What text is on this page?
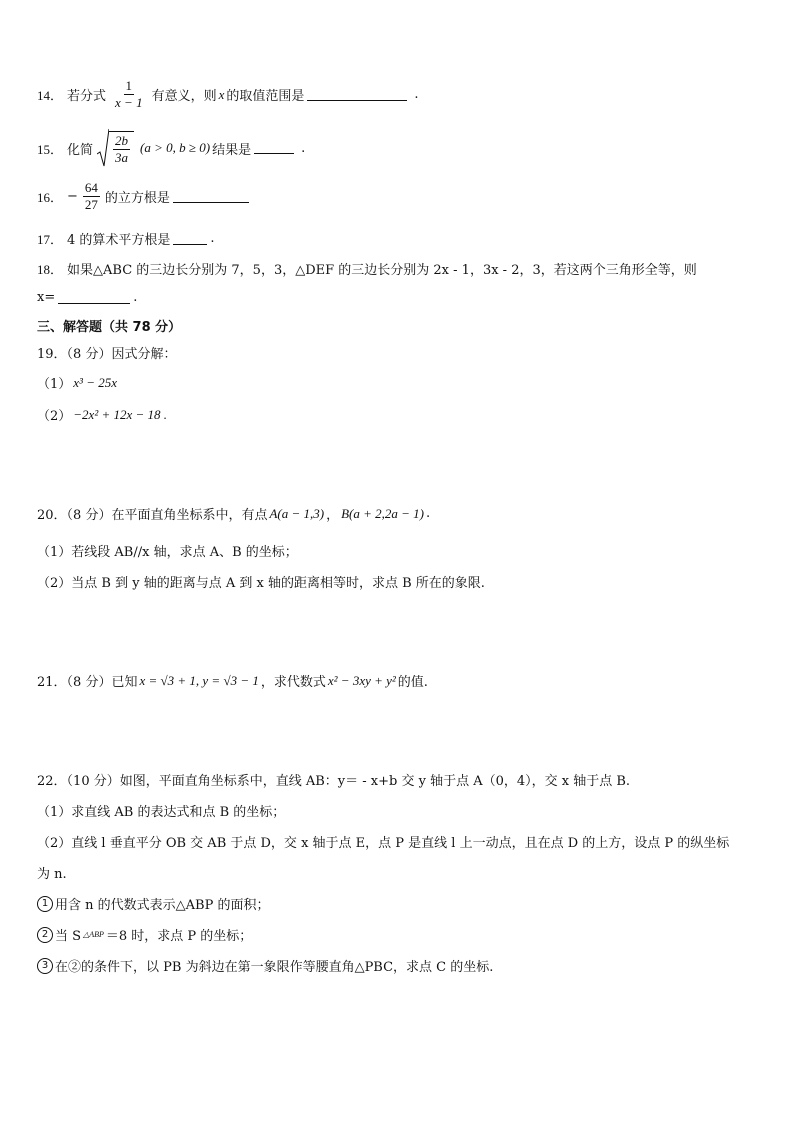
14． 若分式 $\frac{1}{x - 1}$ 有意义，则 x 的取值范围是	.
15． 化简 $\frac{2b}{3a} (a > 0$, b ≥ 0) 结果是	.
16． − $\frac{64}{27}$ 的立方根是
17． 4 的算术平方根是	.
18． 如果△ABC 的三边长分别为 7，5，3，△DEF 的三边长分别为 2x - 1，3x - 2，3，若这两个三角形全等，则
x=	.
三、解答题（共 78 分）
19．（8 分）因式分解：
（1） x³ − 25x
（2） −2x² + 12x − 18 .
20．（8 分）在平面直角坐标系中，有点 A(a − 1,3) ， B(a + 2,2a − 1) .
（1）若线段 AB//x 轴，求点 A、B 的坐标；
（2）当点 B 到 y 轴的距离与点 A 到 x 轴的距离相等时，求点 B 所在的象限.
21．（8 分）已知 x = √3 + 1, y = √3 − 1 ，求代数式 x² − 3xy + y² 的值.
22．（10 分）如图，平面直角坐标系中，直线 AB：y＝ - x+b 交 y 轴于点 A（0，4），交 x 轴于点 B.
（1）求直线 AB 的表达式和点 B 的坐标；
（2）直线 l 垂直平分 OB 交 AB 于点 D，交 x 轴于点 E，点 P 是直线 l 上一动点，且在点 D 的上方，设点 P 的纵坐标
为 n.
1 用含 n 的代数式表示△ABP 的面积；
2 当 S △ABP ＝8 时，求点 P 的坐标；
3 在②的条件下，以 PB 为斜边在第一象限作等腰直角△PBC，求点 C 的坐标.
